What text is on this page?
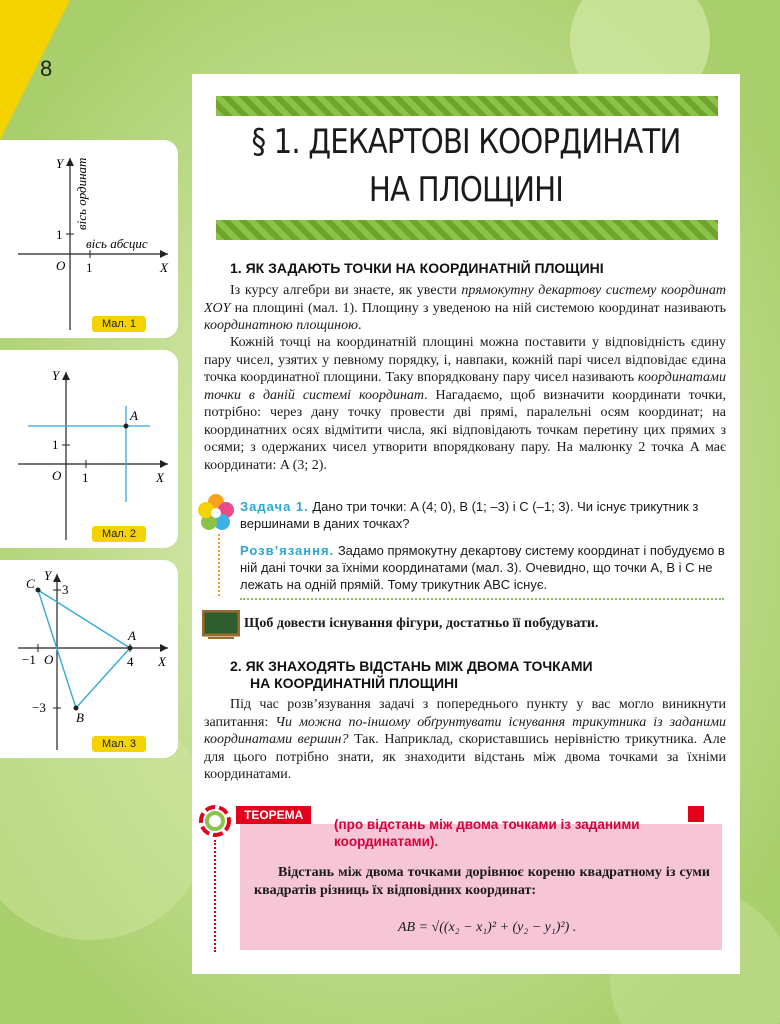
8
Y
X
O 1
1
вісь ординат
вісь абсцис
Мал. 1
Y
X
O 1
1
A
Мал. 2
Y
X
O
C
A
B
3
−3
−1	4
Мал. 3
§ 1. ДЕКАРТОВІ КООРДИНАТИ
НА ПЛОЩИНІ
1. ЯК ЗАДАЮТЬ ТОЧКИ НА КООРДИНАТНІЙ ПЛОЩИНІ
Із курсу алгебри ви знаєте, як увести прямокутну декартову систему координат XOY на площині (мал. 1). Площину з уведеною на ній системою координат називають координатною площиною.
Кожній точці на координатній площині можна поставити у відповідність єдину пару чисел, узятих у певному порядку, і, навпаки, кожній парі чисел відповідає єдина точка координатної площини. Таку впорядковану пару чисел називають координатами точки в даній системі координат. Нагадаємо, щоб визначити координати точки, потрібно: через дану точку провести дві прямі, паралельні осям координат; на координатних осях відмітити числа, які відповідають точкам перетину цих прямих з осями; з одержаних чисел утворити впорядковану пару. На малюнку 2 точка A має координати: A (3; 2).
Задача 1. Дано три точки: A (4; 0), B (1; –3) і C (–1; 3). Чи існує трикутник з вершинами в даних точках?
Розв’язання. Задамо прямокутну декартову систему координат і побудуємо в ній дані точки за їхніми координатами (мал. 3). Очевидно, що точки A, B і C не лежать на одній прямій. Тому трикутник ABC існує.
Щоб довести існування фігури, достатньо її побудувати.
2. ЯК ЗНАХОДЯТЬ ВІДСТАНЬ МІЖ ДВОМА ТОЧКАМИ
НА КООРДИНАТНІЙ ПЛОЩИНІ
Під час розв’язування задачі з попереднього пункту у вас могло виникнути запитання: Чи можна по-іншому обґрунтувати існування трикутника із заданими координатами вершин? Так. Наприклад, скориставшись нерівністю трикутника. Але для цього потрібно знати, як знаходити відстань між двома точками за їхніми координатами.
ТЕОРЕМА
(про відстань між двома точками із заданими координатами).
Відстань між двома точками дорівнює кореню квадратному із суми квадратів різниць їх відповідних координат:
AB = √((x₂ − x₁)² + (y₂ − y₁)²) .
